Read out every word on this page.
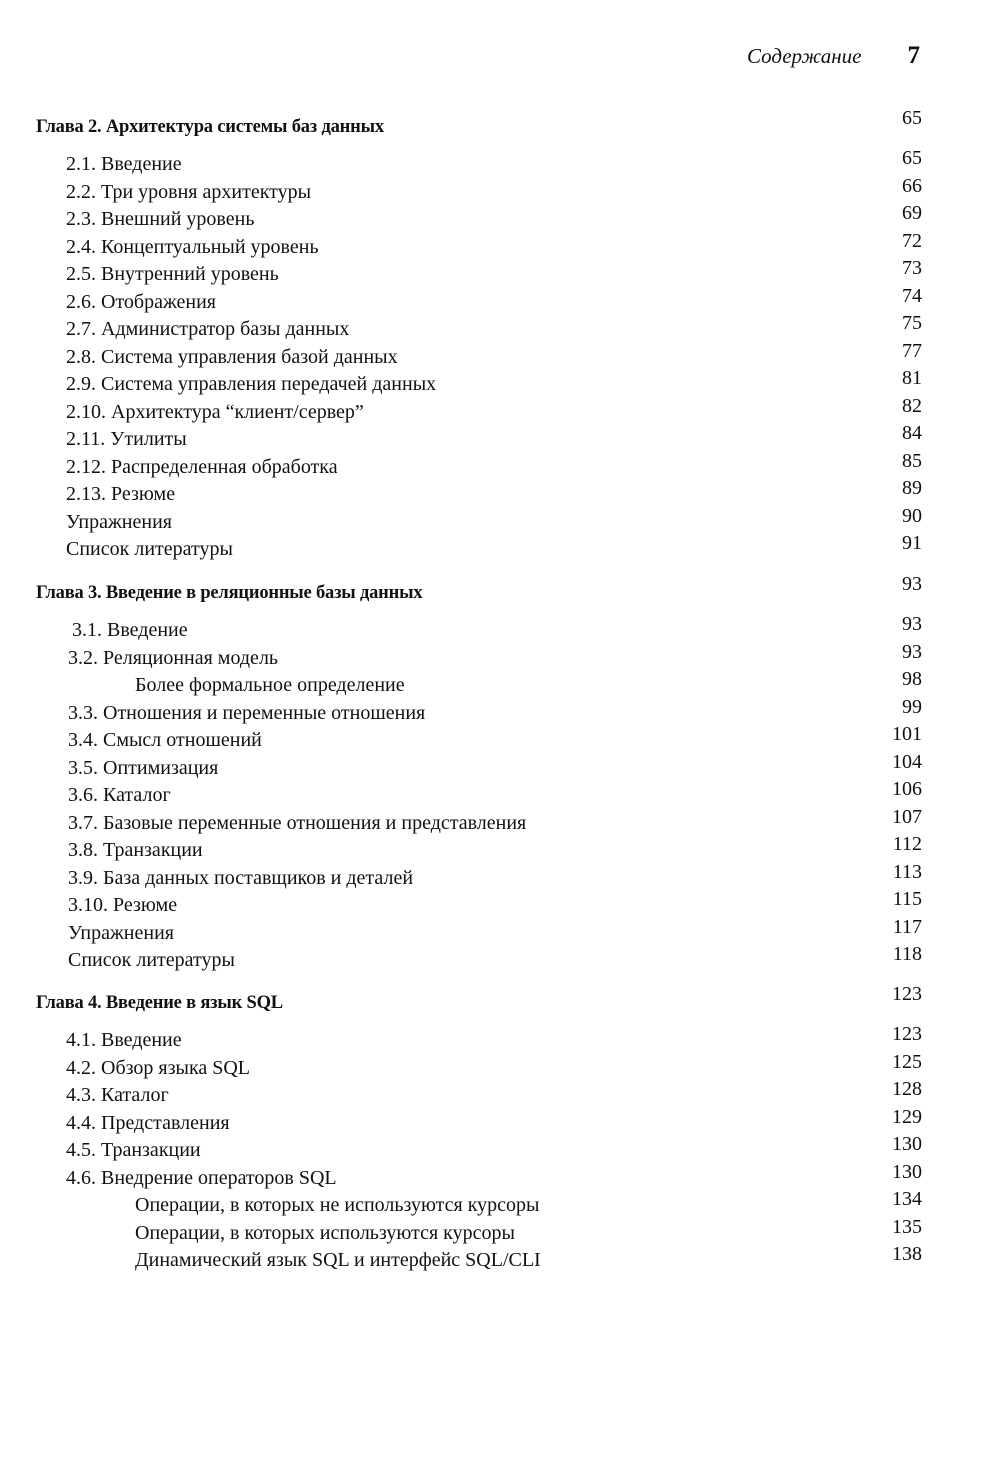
Содержание 7
Глава 2. Архитектура системы баз данных	65
2.1. Введение	65
2.2. Три уровня архитектуры	66
2.3. Внешний уровень	69
2.4. Концептуальный уровень	72
2.5. Внутренний уровень	73
2.6. Отображения	74
2.7. Администратор базы данных	75
2.8. Система управления базой данных	77
2.9. Система управления передачей данных	81
2.10. Архитектура “клиент/сервер”	82
2.11. Утилиты	84
2.12. Распределенная обработка	85
2.13. Резюме	89
Упражнения	90
Список литературы	91
Глава 3. Введение в реляционные базы данных	93
3.1. Введение	93
3.2. Реляционная модель	93
Более формальное определение	98
3.3. Отношения и переменные отношения	99
3.4. Смысл отношений	101
3.5. Оптимизация	104
3.6. Каталог	106
3.7. Базовые переменные отношения и представления	107
3.8. Транзакции	112
3.9. База данных поставщиков и деталей	113
3.10. Резюме	115
Упражнения	117
Список литературы	118
Глава 4. Введение в язык SQL	123
4.1. Введение	123
4.2. Обзор языка SQL	125
4.3. Каталог	128
4.4. Представления	129
4.5. Транзакции	130
4.6. Внедрение операторов SQL	130
Операции, в которых не используются курсоры	134
Операции, в которых используются курсоры	135
Динамический язык SQL и интерфейс SQL/CLI	138
